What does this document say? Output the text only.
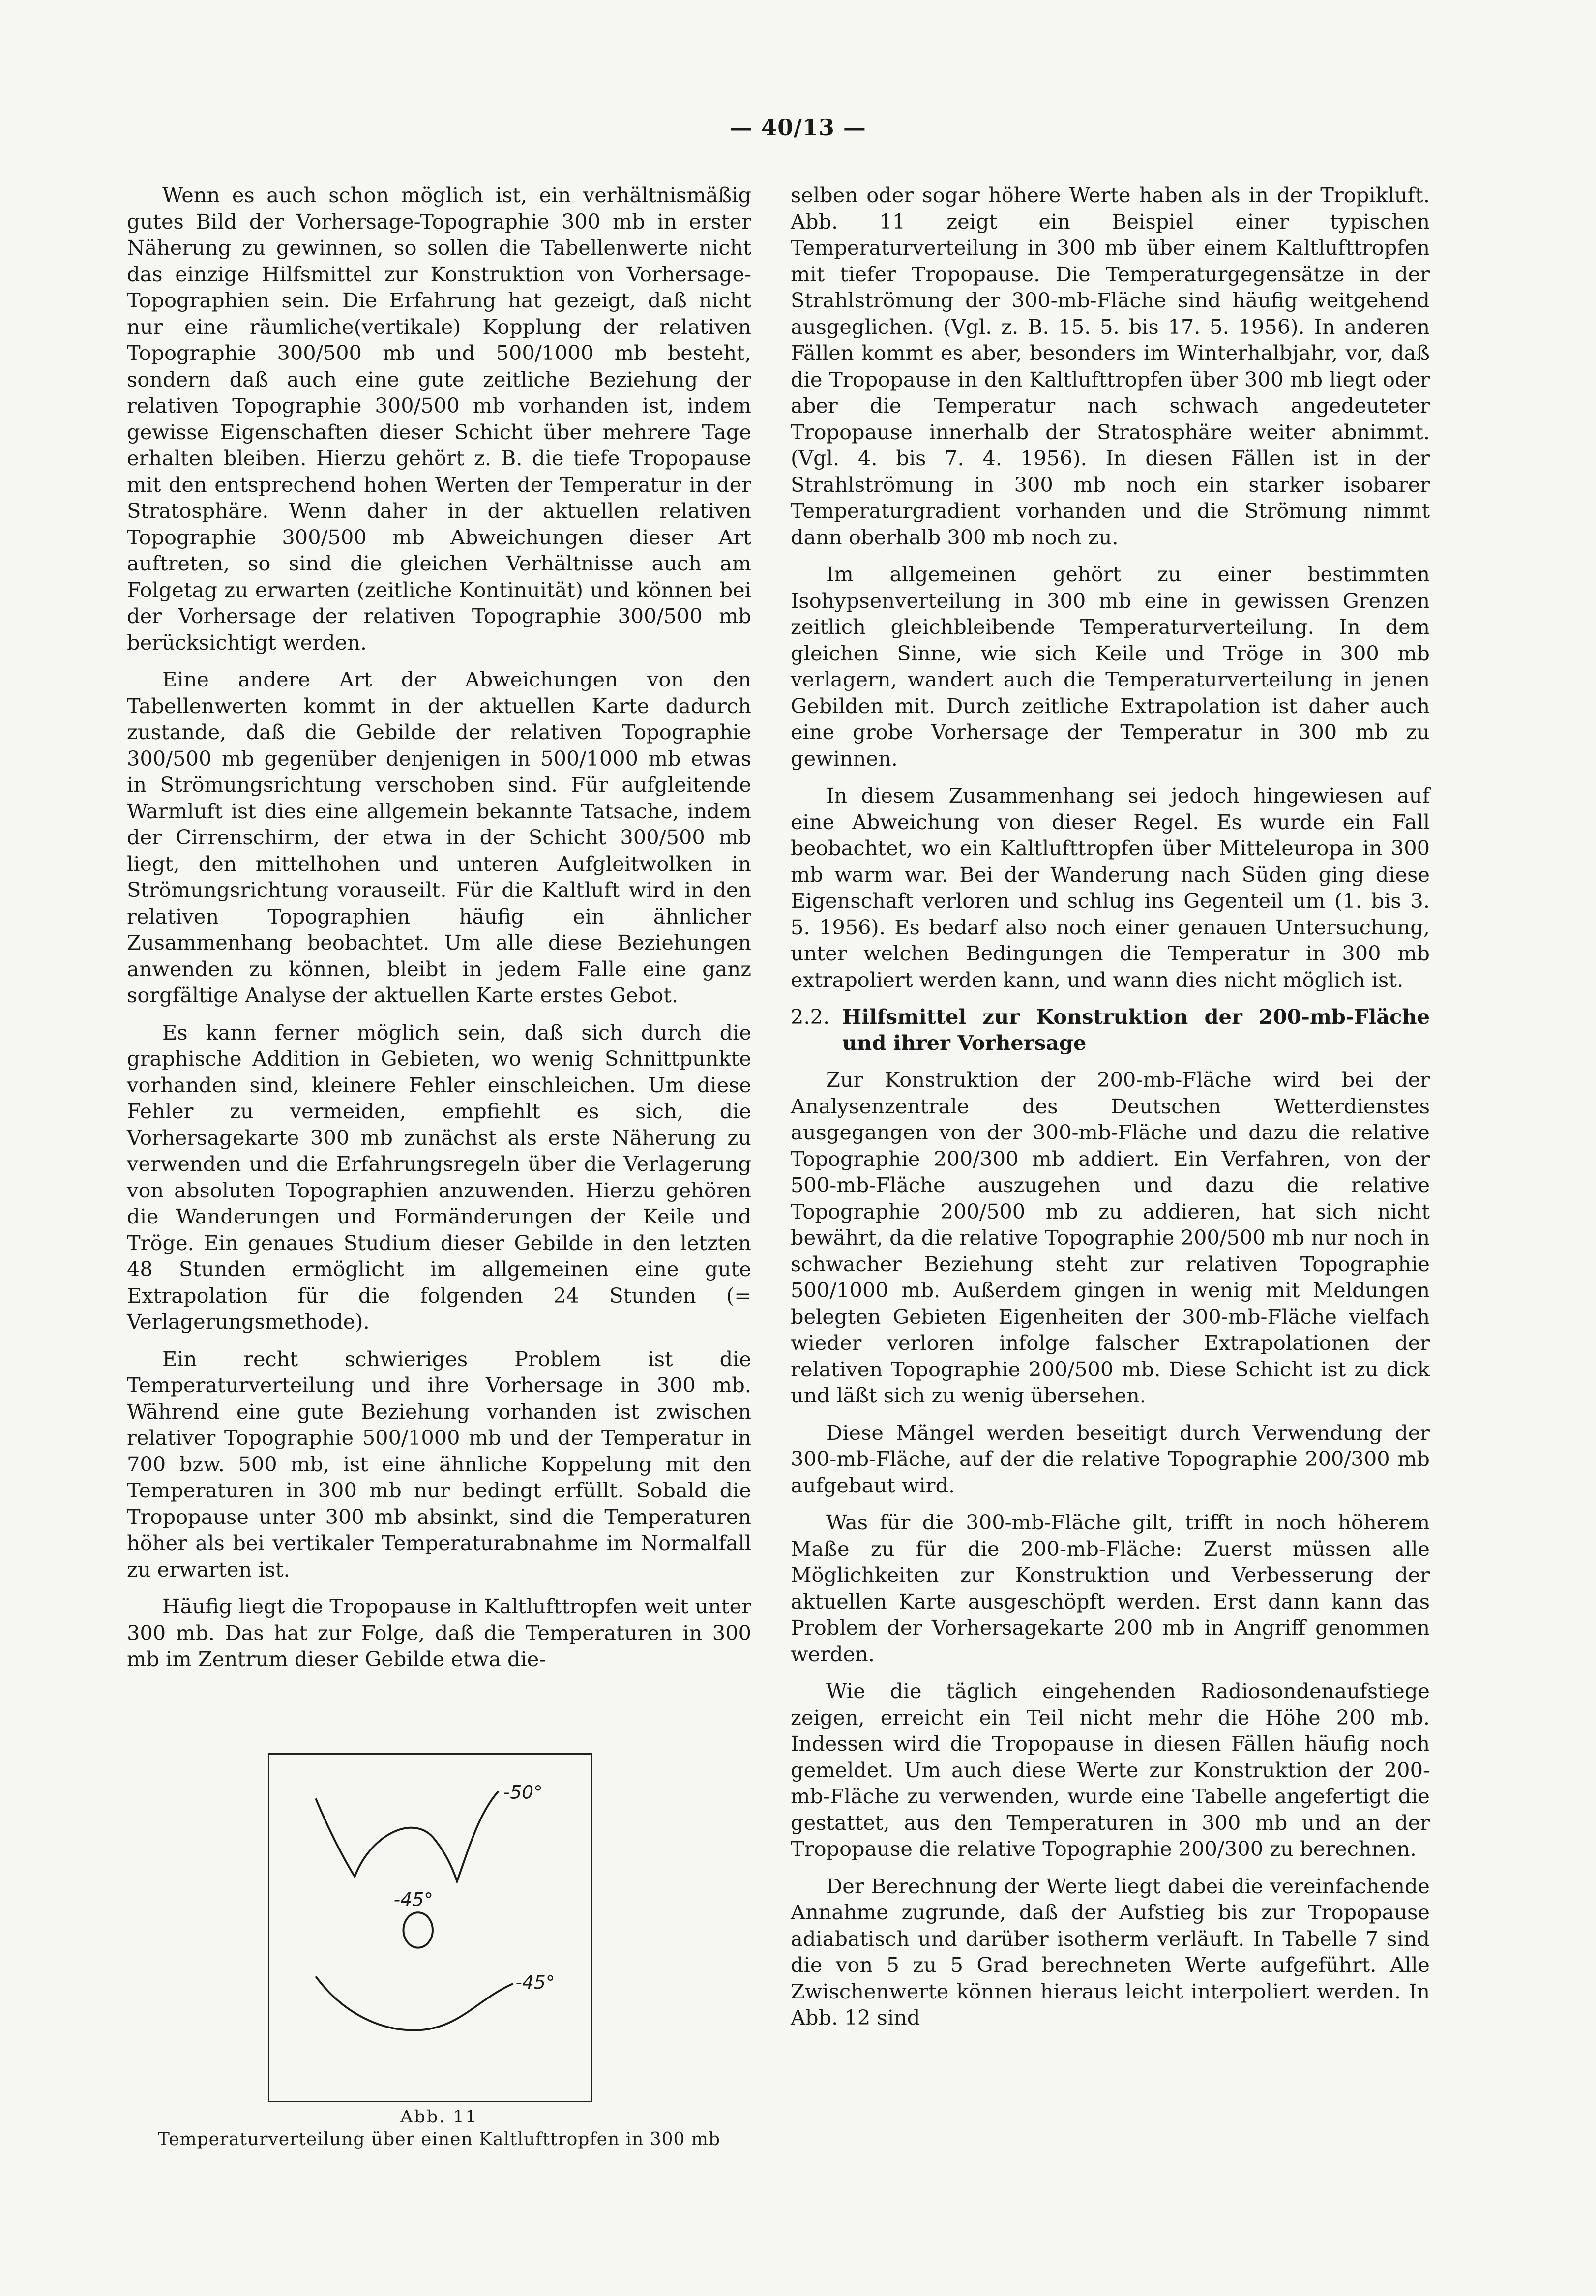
— 40/13 —

Wenn es auch schon möglich ist, ein verhältnismäßig gutes Bild der Vorhersage-Topographie 300 mb in erster Näherung zu gewinnen, so sollen die Tabellenwerte nicht das einzige Hilfsmittel zur Konstruktion von Vorhersage-Topographien sein. Die Erfahrung hat gezeigt, daß nicht nur eine räumliche(vertikale) Kopplung der relativen Topographie 300/500 mb und 500/1000 mb besteht, sondern daß auch eine gute zeitliche Beziehung der relativen Topographie 300/500 mb vorhanden ist, indem gewisse Eigenschaften dieser Schicht über mehrere Tage erhalten bleiben. Hierzu gehört z. B. die tiefe Tropopause mit den entsprechend hohen Werten der Temperatur in der Stratosphäre. Wenn daher in der aktuellen relativen Topographie 300/500 mb Abweichungen dieser Art auftreten, so sind die gleichen Verhältnisse auch am Folgetag zu erwarten (zeitliche Kontinuität) und können bei der Vorhersage der relativen Topographie 300/500 mb berücksichtigt werden.

Eine andere Art der Abweichungen von den Tabellenwerten kommt in der aktuellen Karte dadurch zustande, daß die Gebilde der relativen Topographie 300/500 mb gegenüber denjenigen in 500/1000 mb etwas in Strömungsrichtung verschoben sind. Für aufgleitende Warmluft ist dies eine allgemein bekannte Tatsache, indem der Cirrenschirm, der etwa in der Schicht 300/500 mb liegt, den mittelhohen und unteren Aufgleitwolken in Strömungsrichtung vorauseilt. Für die Kaltluft wird in den relativen Topographien häufig ein ähnlicher Zusammenhang beobachtet. Um alle diese Beziehungen anwenden zu können, bleibt in jedem Falle eine ganz sorgfältige Analyse der aktuellen Karte erstes Gebot.

Es kann ferner möglich sein, daß sich durch die graphische Addition in Gebieten, wo wenig Schnittpunkte vorhanden sind, kleinere Fehler einschleichen. Um diese Fehler zu vermeiden, empfiehlt es sich, die Vorhersagekarte 300 mb zunächst als erste Näherung zu verwenden und die Erfahrungsregeln über die Verlagerung von absoluten Topographien anzuwenden. Hierzu gehören die Wanderungen und Formänderungen der Keile und Tröge. Ein genaues Studium dieser Gebilde in den letzten 48 Stunden ermöglicht im allgemeinen eine gute Extrapolation für die folgenden 24 Stunden (= Verlagerungsmethode).

Ein recht schwieriges Problem ist die Temperaturverteilung und ihre Vorhersage in 300 mb. Während eine gute Beziehung vorhanden ist zwischen relativer Topographie 500/1000 mb und der Temperatur in 700 bzw. 500 mb, ist eine ähnliche Koppelung mit den Temperaturen in 300 mb nur bedingt erfüllt. Sobald die Tropopause unter 300 mb absinkt, sind die Temperaturen höher als bei vertikaler Temperaturabnahme im Normalfall zu erwarten ist.

Häufig liegt die Tropopause in Kaltlufttropfen weit unter 300 mb. Das hat zur Folge, daß die Temperaturen in 300 mb im Zentrum dieser Gebilde etwa die-

selben oder sogar höhere Werte haben als in der Tropikluft. Abb. 11 zeigt ein Beispiel einer typischen Temperaturverteilung in 300 mb über einem Kaltlufttropfen mit tiefer Tropopause. Die Temperaturgegensätze in der Strahlströmung der 300-mb-Fläche sind häufig weitgehend ausgeglichen. (Vgl. z. B. 15. 5. bis 17. 5. 1956). In anderen Fällen kommt es aber, besonders im Winterhalbjahr, vor, daß die Tropopause in den Kaltlufttropfen über 300 mb liegt oder aber die Temperatur nach schwach angedeuteter Tropopause innerhalb der Stratosphäre weiter abnimmt. (Vgl. 4. bis 7. 4. 1956). In diesen Fällen ist in der Strahlströmung in 300 mb noch ein starker isobarer Temperaturgradient vorhanden und die Strömung nimmt dann oberhalb 300 mb noch zu.

Im allgemeinen gehört zu einer bestimmten Isohypsenverteilung in 300 mb eine in gewissen Grenzen zeitlich gleichbleibende Temperaturverteilung. In dem gleichen Sinne, wie sich Keile und Tröge in 300 mb verlagern, wandert auch die Temperaturverteilung in jenen Gebilden mit. Durch zeitliche Extrapolation ist daher auch eine grobe Vorhersage der Temperatur in 300 mb zu gewinnen.

In diesem Zusammenhang sei jedoch hingewiesen auf eine Abweichung von dieser Regel. Es wurde ein Fall beobachtet, wo ein Kaltlufttropfen über Mitteleuropa in 300 mb warm war. Bei der Wanderung nach Süden ging diese Eigenschaft verloren und schlug ins Gegenteil um (1. bis 3. 5. 1956). Es bedarf also noch einer genauen Untersuchung, unter welchen Bedingungen die Temperatur in 300 mb extrapoliert werden kann, und wann dies nicht möglich ist.

2.2. Hilfsmittel zur Konstruktion der 200-mb-Fläche und ihrer Vorhersage

Zur Konstruktion der 200-mb-Fläche wird bei der Analysenzentrale des Deutschen Wetterdienstes ausgegangen von der 300-mb-Fläche und dazu die relative Topographie 200/300 mb addiert. Ein Verfahren, von der 500-mb-Fläche auszugehen und dazu die relative Topographie 200/500 mb zu addieren, hat sich nicht bewährt, da die relative Topographie 200/500 mb nur noch in schwacher Beziehung steht zur relativen Topographie 500/1000 mb. Außerdem gingen in wenig mit Meldungen belegten Gebieten Eigenheiten der 300-mb-Fläche vielfach wieder verloren infolge falscher Extrapolationen der relativen Topographie 200/500 mb. Diese Schicht ist zu dick und läßt sich zu wenig übersehen.

Diese Mängel werden beseitigt durch Verwendung der 300-mb-Fläche, auf der die relative Topographie 200/300 mb aufgebaut wird.

Was für die 300-mb-Fläche gilt, trifft in noch höherem Maße zu für die 200-mb-Fläche: Zuerst müssen alle Möglichkeiten zur Konstruktion und Verbesserung der aktuellen Karte ausgeschöpft werden. Erst dann kann das Problem der Vorhersagekarte 200 mb in Angriff genommen werden.

Wie die täglich eingehenden Radiosondenaufstiege zeigen, erreicht ein Teil nicht mehr die Höhe 200 mb. Indessen wird die Tropopause in diesen Fällen häufig noch gemeldet. Um auch diese Werte zur Konstruktion der 200-mb-Fläche zu verwenden, wurde eine Tabelle angefertigt die gestattet, aus den Temperaturen in 300 mb und an der Tropopause die relative Topographie 200/300 zu berechnen.

Der Berechnung der Werte liegt dabei die vereinfachende Annahme zugrunde, daß der Aufstieg bis zur Tropopause adiabatisch und darüber isotherm verläuft. In Tabelle 7 sind die von 5 zu 5 Grad berechneten Werte aufgeführt. Alle Zwischenwerte können hieraus leicht interpoliert werden. In Abb. 12 sind

-50°
-45°
-45°
Abb. 11
Temperaturverteilung über einen Kaltlufttropfen in 300 mb
